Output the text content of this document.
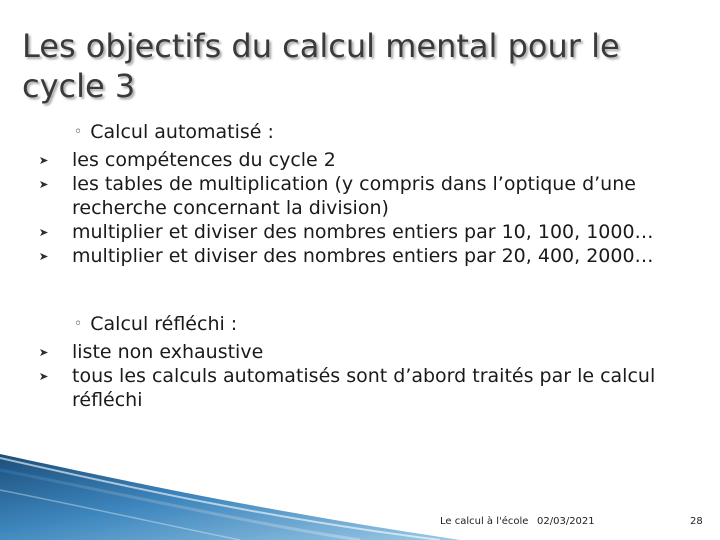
Les objectifs du calcul mental pour le cycle 3
◦ Calcul automatisé :
les compétences du cycle 2
les tables de multiplication (y compris dans l’optique d’une recherche concernant la division)
multiplier et diviser des nombres entiers par 10, 100, 1000…
multiplier et diviser des nombres entiers par 20, 400, 2000…
◦ Calcul réfléchi :
liste non exhaustive
tous les calculs automatisés sont d’abord traités par le calcul réfléchi
Le calcul à l'école 02/03/2021	28
